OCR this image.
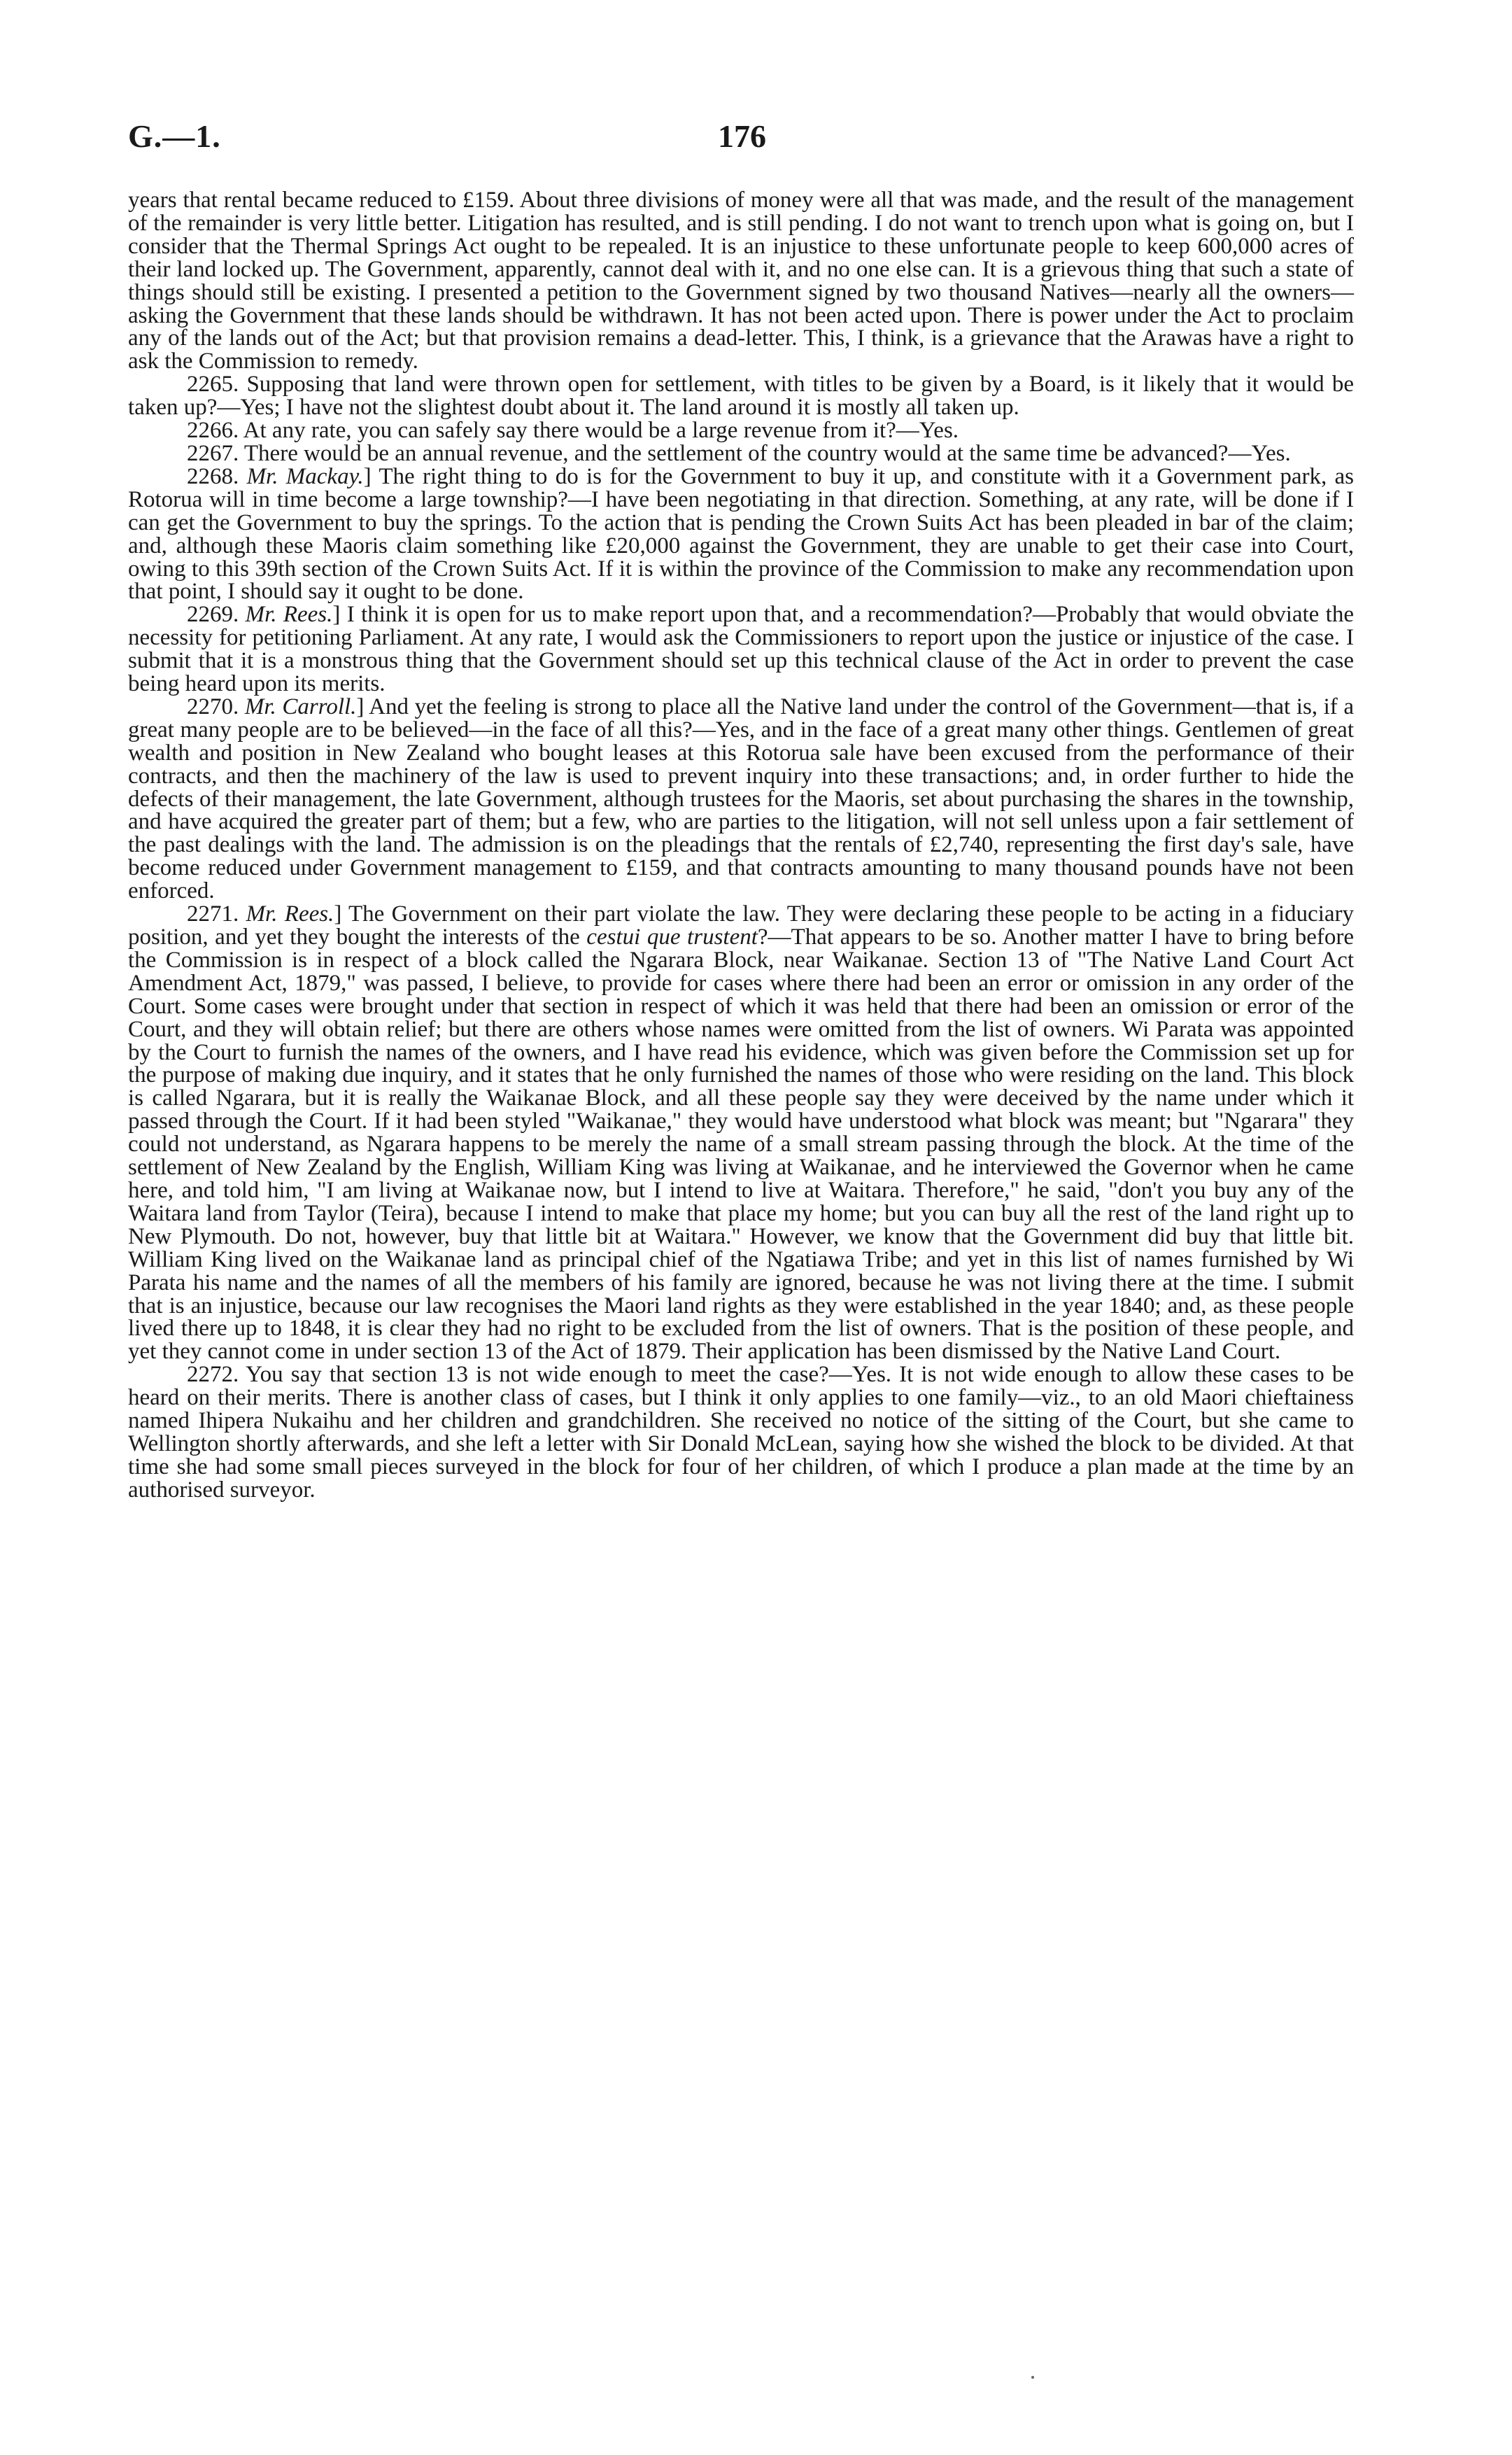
G.—1.	176

years that rental became reduced to £159. About three divisions of money were all that was made, and the result of the management of the remainder is very little better. Litigation has resulted, and is still pending. I do not want to trench upon what is going on, but I consider that the Thermal Springs Act ought to be repealed. It is an injustice to these unfortunate people to keep 600,000 acres of their land locked up. The Government, apparently, cannot deal with it, and no one else can. It is a grievous thing that such a state of things should still be existing. I presented a petition to the Government signed by two thousand Natives—nearly all the owners—asking the Government that these lands should be withdrawn. It has not been acted upon. There is power under the Act to proclaim any of the lands out of the Act; but that provision remains a dead-letter. This, I think, is a grievance that the Arawas have a right to ask the Commission to remedy.

2265. Supposing that land were thrown open for settlement, with titles to be given by a Board, is it likely that it would be taken up?—Yes; I have not the slightest doubt about it. The land around it is mostly all taken up.

2266. At any rate, you can safely say there would be a large revenue from it?—Yes.

2267. There would be an annual revenue, and the settlement of the country would at the same time be advanced?—Yes.

2268. Mr. Mackay.] The right thing to do is for the Government to buy it up, and constitute with it a Government park, as Rotorua will in time become a large township?—I have been negotiating in that direction. Something, at any rate, will be done if I can get the Government to buy the springs. To the action that is pending the Crown Suits Act has been pleaded in bar of the claim; and, although these Maoris claim something like £20,000 against the Government, they are unable to get their case into Court, owing to this 39th section of the Crown Suits Act. If it is within the province of the Commission to make any recommendation upon that point, I should say it ought to be done.

2269. Mr. Rees.] I think it is open for us to make report upon that, and a recommendation?—Probably that would obviate the necessity for petitioning Parliament. At any rate, I would ask the Commissioners to report upon the justice or injustice of the case. I submit that it is a monstrous thing that the Government should set up this technical clause of the Act in order to prevent the case being heard upon its merits.

2270. Mr. Carroll.] And yet the feeling is strong to place all the Native land under the control of the Government—that is, if a great many people are to be believed—in the face of all this?—Yes, and in the face of a great many other things. Gentlemen of great wealth and position in New Zealand who bought leases at this Rotorua sale have been excused from the performance of their contracts, and then the machinery of the law is used to prevent inquiry into these transactions; and, in order further to hide the defects of their management, the late Government, although trustees for the Maoris, set about purchasing the shares in the township, and have acquired the greater part of them; but a few, who are parties to the litigation, will not sell unless upon a fair settlement of the past dealings with the land. The admission is on the pleadings that the rentals of £2,740, representing the first day's sale, have become reduced under Government management to £159, and that contracts amounting to many thousand pounds have not been enforced.

2271. Mr. Rees.] The Government on their part violate the law. They were declaring these people to be acting in a fiduciary position, and yet they bought the interests of the cestui que trustent?—That appears to be so. Another matter I have to bring before the Commission is in respect of a block called the Ngarara Block, near Waikanae. Section 13 of "The Native Land Court Act Amendment Act, 1879," was passed, I believe, to provide for cases where there had been an error or omission in any order of the Court. Some cases were brought under that section in respect of which it was held that there had been an omission or error of the Court, and they will obtain relief; but there are others whose names were omitted from the list of owners. Wi Parata was appointed by the Court to furnish the names of the owners, and I have read his evidence, which was given before the Commission set up for the purpose of making due inquiry, and it states that he only furnished the names of those who were residing on the land. This block is called Ngarara, but it is really the Waikanae Block, and all these people say they were deceived by the name under which it passed through the Court. If it had been styled "Waikanae," they would have understood what block was meant; but "Ngarara" they could not understand, as Ngarara happens to be merely the name of a small stream passing through the block. At the time of the settlement of New Zealand by the English, William King was living at Waikanae, and he interviewed the Governor when he came here, and told him, "I am living at Waikanae now, but I intend to live at Waitara. Therefore," he said, "don't you buy any of the Waitara land from Taylor (Teira), because I intend to make that place my home; but you can buy all the rest of the land right up to New Plymouth. Do not, however, buy that little bit at Waitara." However, we know that the Government did buy that little bit. William King lived on the Waikanae land as principal chief of the Ngatiawa Tribe; and yet in this list of names furnished by Wi Parata his name and the names of all the members of his family are ignored, because he was not living there at the time. I submit that is an injustice, because our law recognises the Maori land rights as they were established in the year 1840; and, as these people lived there up to 1848, it is clear they had no right to be excluded from the list of owners. That is the position of these people, and yet they cannot come in under section 13 of the Act of 1879. Their application has been dismissed by the Native Land Court.

2272. You say that section 13 is not wide enough to meet the case?—Yes. It is not wide enough to allow these cases to be heard on their merits. There is another class of cases, but I think it only applies to one family—viz., to an old Maori chieftainess named Ihipera Nukaihu and her children and grandchildren. She received no notice of the sitting of the Court, but she came to Wellington shortly afterwards, and she left a letter with Sir Donald McLean, saying how she wished the block to be divided. At that time she had some small pieces surveyed in the block for four of her children, of which I produce a plan made at the time by an authorised surveyor.
